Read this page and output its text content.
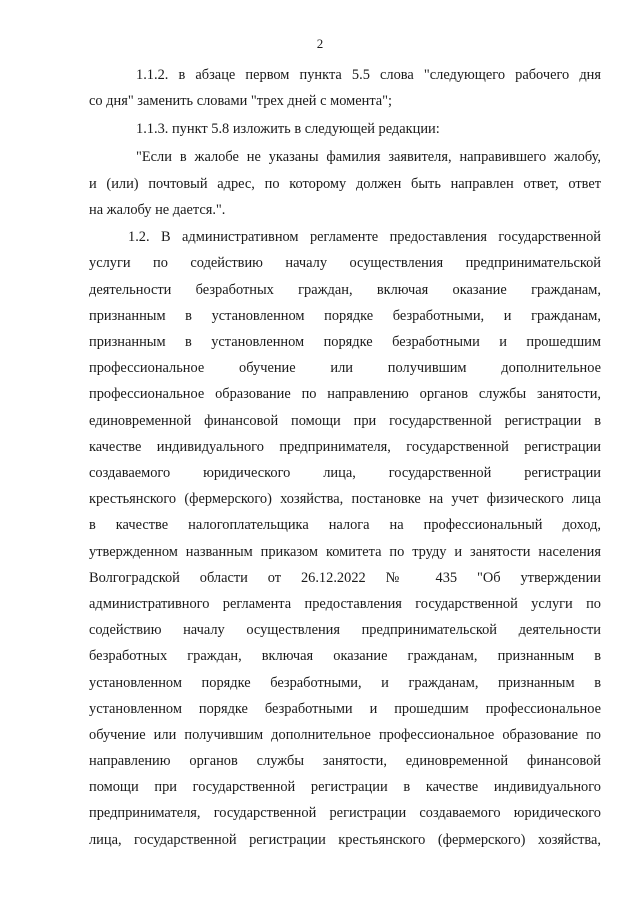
2
1.1.2. в абзаце первом пункта 5.5 слова "следующего рабочего дня
со дня" заменить словами "трех дней с момента";
1.1.3. пункт 5.8 изложить в следующей редакции:
"Если в жалобе не указаны фамилия заявителя, направившего жалобу,
и (или) почтовый адрес, по которому должен быть направлен ответ, ответ
на жалобу не дается.".
1.2. В административном регламенте предоставления государственной
услуги по содействию началу осуществления предпринимательской
деятельности безработных граждан, включая оказание гражданам,
признанным в установленном порядке безработными, и гражданам,
признанным в установленном порядке безработными и прошедшим
профессиональное обучение или получившим дополнительное
профессиональное образование по направлению органов службы занятости,
единовременной финансовой помощи при государственной регистрации в
качестве индивидуального предпринимателя, государственной регистрации
создаваемого юридического лица, государственной регистрации
крестьянского (фермерского) хозяйства, постановке на учет физического лица
в качестве налогоплательщика налога на профессиональный доход,
утвержденном названным приказом комитета по труду и занятости населения
Волгоградской области от 26.12.2022 № 435 "Об утверждении
административного регламента предоставления государственной услуги по
содействию началу осуществления предпринимательской деятельности
безработных граждан, включая оказание гражданам, признанным в
установленном порядке безработными, и гражданам, признанным в
установленном порядке безработными и прошедшим профессиональное
обучение или получившим дополнительное профессиональное образование по
направлению органов службы занятости, единовременной финансовой
помощи при государственной регистрации в качестве индивидуального
предпринимателя, государственной регистрации создаваемого юридического
лица, государственной регистрации крестьянского (фермерского) хозяйства,
